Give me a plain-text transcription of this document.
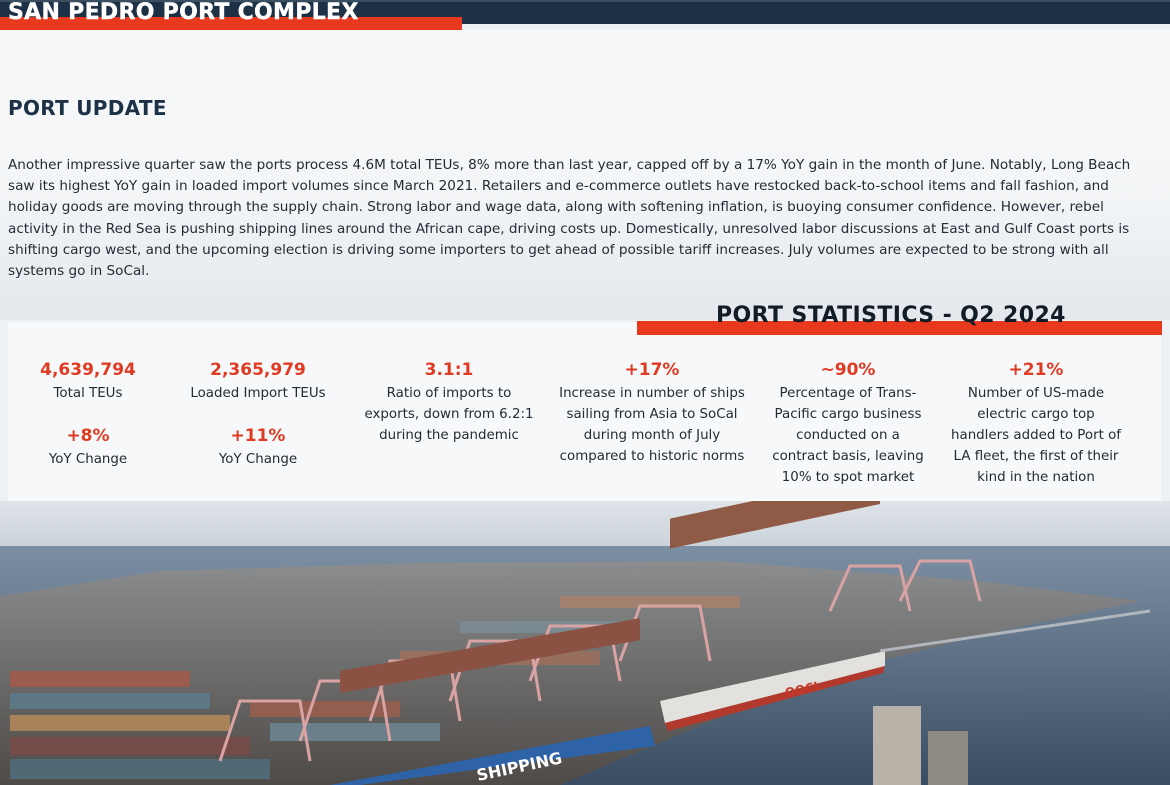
SAN PEDRO PORT COMPLEX
PORT UPDATE

Another impressive quarter saw the ports process 4.6M total TEUs, 8% more than last year, capped off by a 17% YoY gain in the month of June. Notably, Long Beach saw its highest YoY gain in loaded import volumes since March 2021. Retailers and e-commerce outlets have restocked back-to-school items and fall fashion, and holiday goods are moving through the supply chain. Strong labor and wage data, along with softening inflation, is buoying consumer confidence. However, rebel activity in the Red Sea is pushing shipping lines around the African cape, driving costs up. Domestically, unresolved labor discussions at East and Gulf Coast ports is shifting cargo west, and the upcoming election is driving some importers to get ahead of possible tariff increases. July volumes are expected to be strong with all systems go in SoCal.

4,639,794
Total TEUs
+8%
YoY Change
2,365,979
Loaded Import TEUs
+11%
YoY Change
3.1:1
Ratio of imports to exports, down from 6.2:1 during the pandemic
+17%
Increase in number of ships sailing from Asia to SoCal during month of July compared to historic norms
~90%
Percentage of Trans-Pacific cargo business conducted on a contract basis, leaving 10% to spot market
+21%
Number of US-made electric cargo top handlers added to Port of LA fleet, the first of their kind in the nation
PORT STATISTICS - Q2 2024
SHIPPING
OOCL
